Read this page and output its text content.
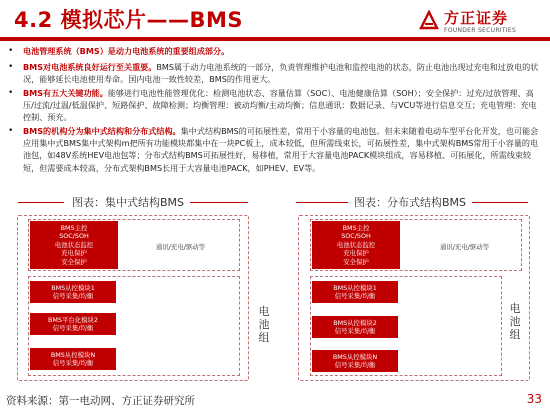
4.2 模拟芯片——BMS	方正证券
FOUNDER SECURITIES
• 电池管理系统（BMS）是动力电池系统的重要组成部分。
• BMS对电池系统良好运行至关重要。BMS属于动力电池系统的一部分，负责管理维护电池和监控电池的状态，防止电池出现过充电和过放电的状况，能够延长电池使用寿命。国内电池一致性较差，BMS的作用更大。
• BMS有五大关键功能。能够进行电池性能管理优化：检测电池状态、容量估算（SOC）、电池健康估算（SOH）；安全保护：过充/过放管理、高压/过流/过温/低温保护、短路保护、故障检测；均衡管理：被动均衡/主动均衡；信息通讯：数据记录、与VCU等进行信息交互；充电管理：充电控制、预充。
• BMS的机构分为集中式结构和分布式结构。集中式结构BMS的可拓展性差，常用于小容量的电池包。但未来随着电动车型平台化开发，也可能会应用集中式BMS集中式架构m把所有功能模块都集中在一块PC板上，成本较低，但所需线束长，可拓展性差，集中式架构BMS常用于小容量的电池包，如48V系统HEV电池包等；分布式结构BMS可拓展性好，易移植，常用于大容量电池PACK模块组成，容易移植、可拓展化，所需线束较短，但需要成本较高，分布式架构BMS长用于大容量电池PACK，如PHEV、EV等。
图表：集中式结构BMS
BMS主控
SOC/SOH
电池状态监控
充电保护
安全保护
通讯/充电/驱动等
BMS从控模块1
信号采集/均衡
BMS平台化模块2
信号采集/均衡
BMS从控模块N
信号采集/均衡
电池组
图表：分布式结构BMS
BMS主控
SOC/SOH
电池状态监控
充电保护
安全保护
通讯/充电/驱动等
BMS从控模块1
信号采集/均衡
BMS从控模块2
信号采集/均衡
BMS从控模块N
信号采集/均衡
电池组
资料来源：第一电动网、方正证券研究所	33
